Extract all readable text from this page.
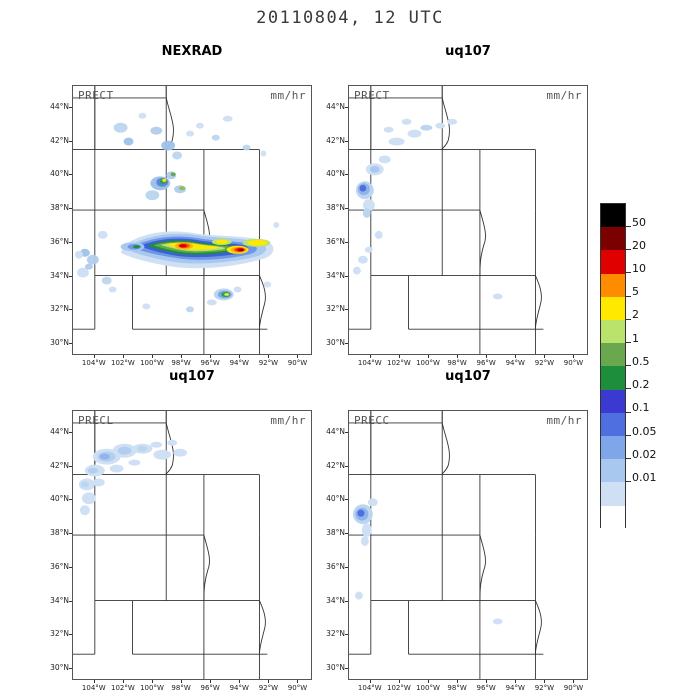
20110804, 12 UTC
NEXRAD	uq107
uq107	uq107
PRECT	mm/hr	PRECT	mm/hr
PRECL	mm/hr	PRECC	mm/hr
50
20
10
5
2
1
0.5
0.2
0.1
0.05
0.02
0.01
44°N
42°N
40°N
38°N
36°N
34°N
32°N
30°N
104°W 102°W 100°W	98°W	96°W	94°W	92°W	90°W
44°N
42°N
40°N
38°N
36°N
34°N
32°N
30°N
104°W 102°W 100°W	98°W	96°W	94°W	92°W	90°W
44°N
42°N
40°N
38°N
36°N
34°N
32°N
30°N
104°W 102°W 100°W	98°W	96°W	94°W	92°W	90°W
44°N
42°N
40°N
38°N
36°N
34°N
32°N
30°N
104°W 102°W 100°W	98°W	96°W	94°W	92°W	90°W
